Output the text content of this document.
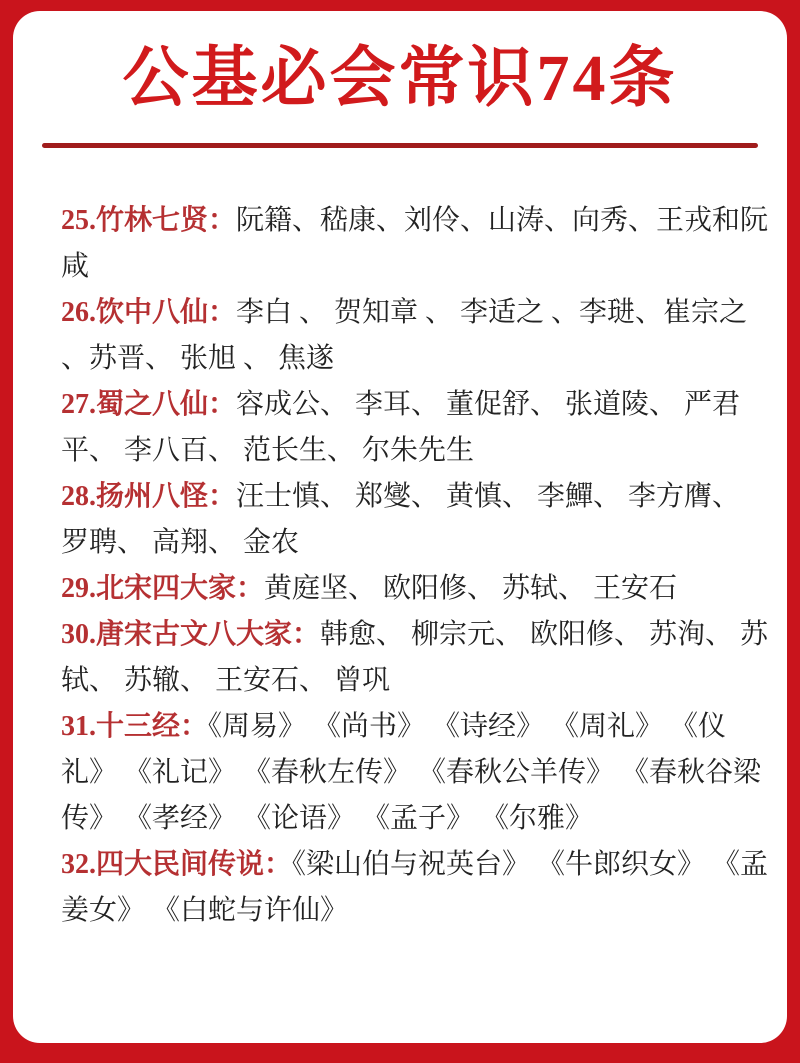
公基必会常识74条

25.竹林七贤：阮籍、嵇康、刘伶、山涛、向秀、王戎和阮咸

26.饮中八仙：李白 、 贺知章 、 李适之 、李琎、崔宗之 、苏晋、 张旭 、 焦遂

27.蜀之八仙：容成公、 李耳、 董促舒、 张道陵、 严君平、 李八百、 范长生、 尔朱先生

28.扬州八怪：汪士慎、 郑燮、 黄慎、 李鱓、 李方膺、 罗聘、 高翔、 金农

29.北宋四大家：黄庭坚、 欧阳修、 苏轼、 王安石

30.唐宋古文八大家：韩愈、 柳宗元、 欧阳修、 苏洵、 苏轼、 苏辙、 王安石、 曾巩

31.十三经：《周易》 《尚书》 《诗经》 《周礼》 《仪礼》 《礼记》 《春秋左传》 《春秋公羊传》 《春秋谷梁传》 《孝经》 《论语》 《孟子》 《尔雅》

32.四大民间传说：《梁山伯与祝英台》 《牛郎织女》 《孟姜女》 《白蛇与许仙》
